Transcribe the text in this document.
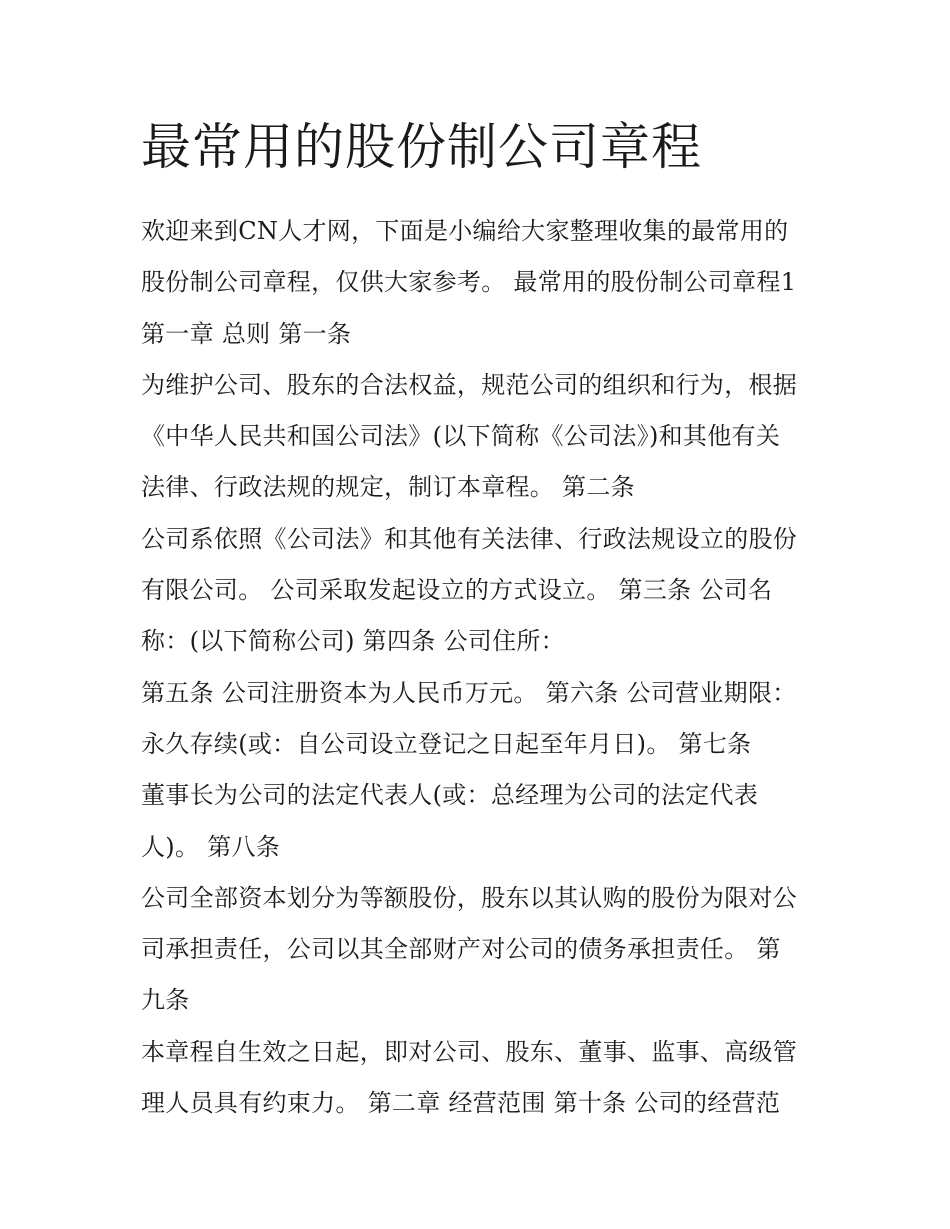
最常用的股份制公司章程
欢迎来到CN人才网，下面是小编给大家整理收集的最常用的
股份制公司章程，仅供大家参考。 最常用的股份制公司章程1
第一章 总则 第一条
为维护公司、股东的合法权益，规范公司的组织和行为，根据
《中华人民共和国公司法》(以下简称《公司法》)和其他有关
法律、行政法规的规定，制订本章程。 第二条
公司系依照《公司法》和其他有关法律、行政法规设立的股份
有限公司。 公司采取发起设立的方式设立。 第三条 公司名
称：(以下简称公司) 第四条 公司住所：
第五条 公司注册资本为人民币万元。 第六条 公司营业期限：
永久存续(或：自公司设立登记之日起至年月日)。 第七条
董事长为公司的法定代表人(或：总经理为公司的法定代表
人)。 第八条
公司全部资本划分为等额股份，股东以其认购的股份为限对公
司承担责任，公司以其全部财产对公司的债务承担责任。 第
九条
本章程自生效之日起，即对公司、股东、董事、监事、高级管
理人员具有约束力。 第二章 经营范围 第十条 公司的经营范
